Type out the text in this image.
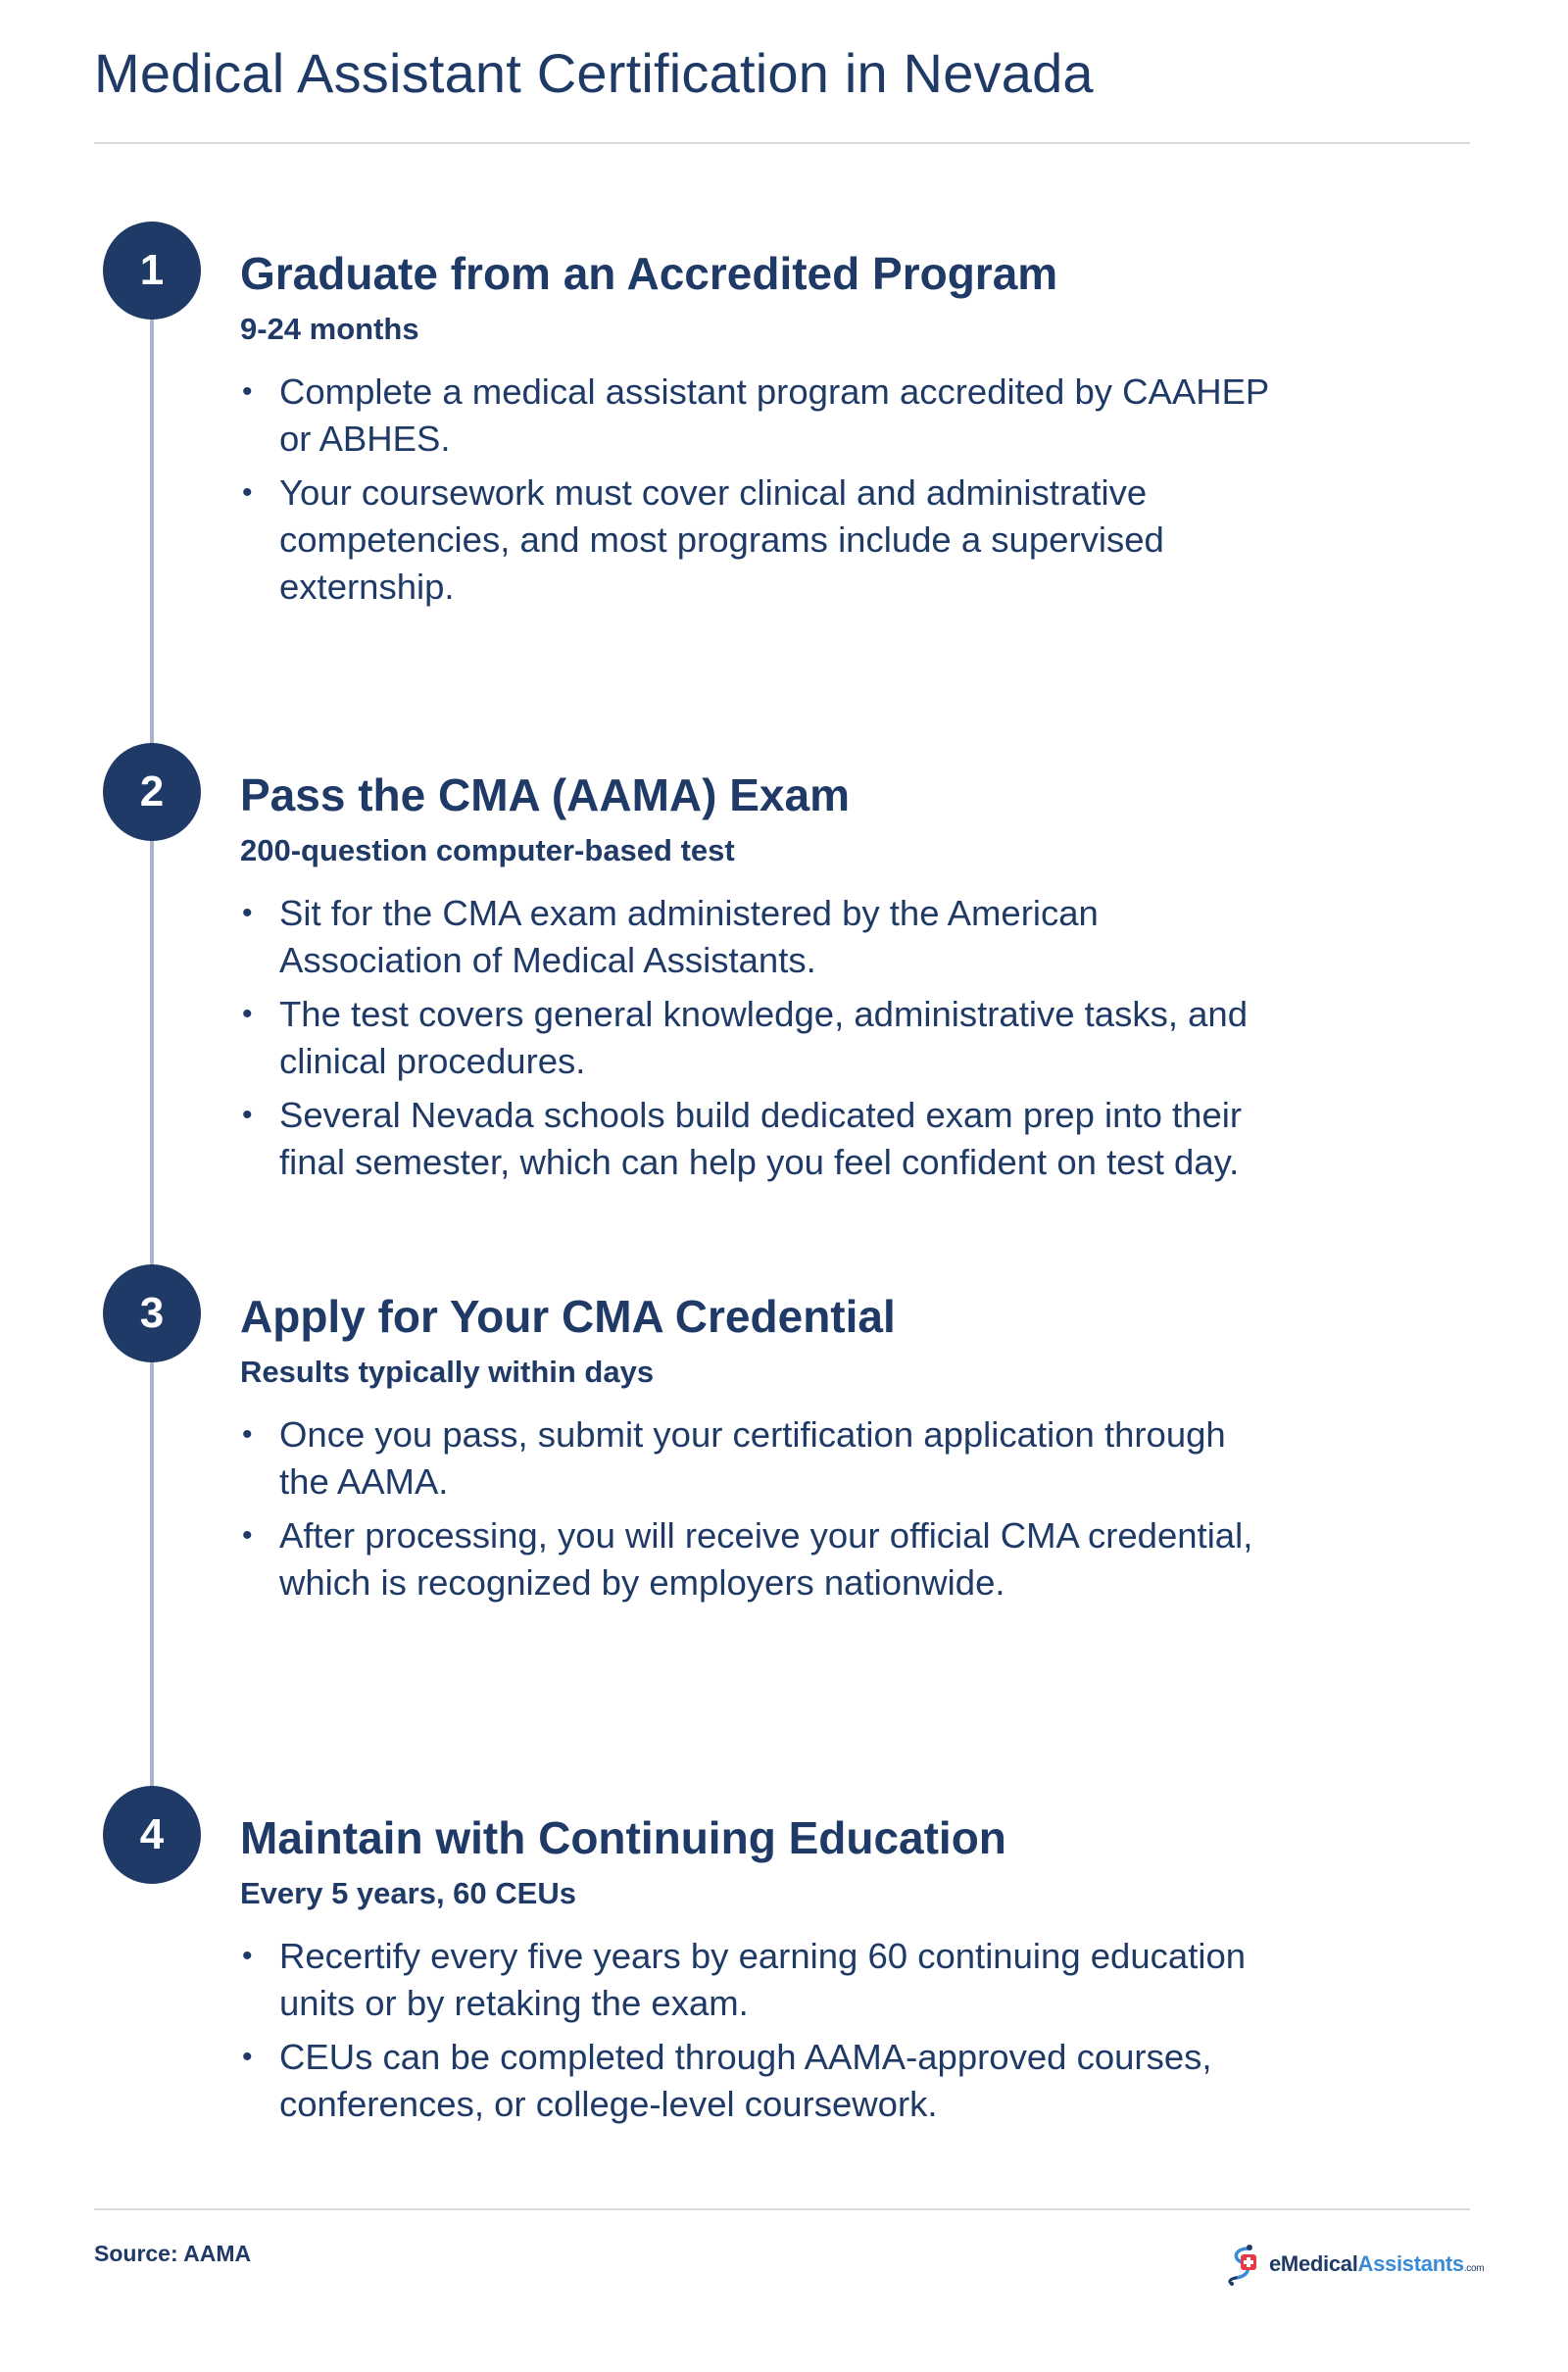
Medical Assistant Certification in Nevada
1	Graduate from an Accredited Program

9-24 months

• Complete a medical assistant program accredited by CAAHEP or ABHES.
• Your coursework must cover clinical and administrative competencies, and most programs include a supervised externship.
2	Pass the CMA (AAMA) Exam

200-question computer-based test

• Sit for the CMA exam administered by the American Association of Medical Assistants.
• The test covers general knowledge, administrative tasks, and clinical procedures.
• Several Nevada schools build dedicated exam prep into their final semester, which can help you feel confident on test day.
3	Apply for Your CMA Credential

Results typically within days

• Once you pass, submit your certification application through the AAMA.
• After processing, you will receive your official CMA credential, which is recognized by employers nationwide.
4	Maintain with Continuing Education

Every 5 years, 60 CEUs

• Recertify every five years by earning 60 continuing education units or by retaking the exam.
• CEUs can be completed through AAMA-approved courses, conferences, or college-level coursework.
Source: AAMA	eMedicalAssistants.com
